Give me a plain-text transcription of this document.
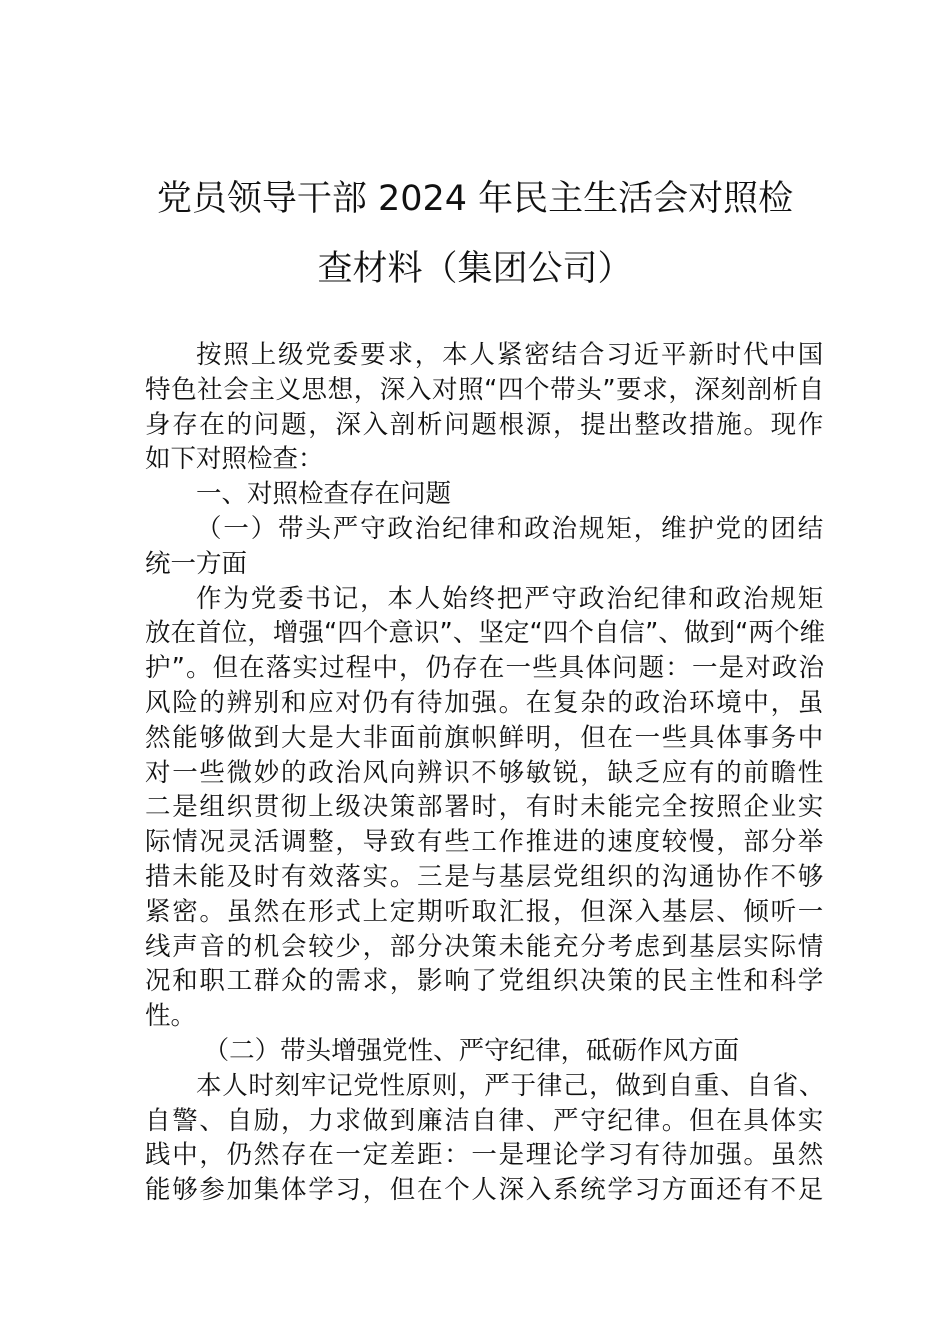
党员领导干部 2024 年民主生活会对照检
查材料（集团公司）
按照上级党委要求，本人紧密结合习近平新时代中国
特色社会主义思想，深入对照“四个带头”要求，深刻剖析自
身存在的问题，深入剖析问题根源，提出整改措施。现作
如下对照检查：
一、对照检查存在问题
（一）带头严守政治纪律和政治规矩，维护党的团结
统一方面
作为党委书记，本人始终把严守政治纪律和政治规矩
放在首位，增强“四个意识”、坚定“四个自信”、做到“两个维
护”。但在落实过程中，仍存在一些具体问题：一是对政治
风险的辨别和应对仍有待加强。在复杂的政治环境中，虽
然能够做到大是大非面前旗帜鲜明，但在一些具体事务中
对一些微妙的政治风向辨识不够敏锐，缺乏应有的前瞻性
二是组织贯彻上级决策部署时，有时未能完全按照企业实
际情况灵活调整，导致有些工作推进的速度较慢，部分举
措未能及时有效落实。三是与基层党组织的沟通协作不够
紧密。虽然在形式上定期听取汇报，但深入基层、倾听一
线声音的机会较少，部分决策未能充分考虑到基层实际情
况和职工群众的需求，影响了党组织决策的民主性和科学
性。
（二）带头增强党性、严守纪律，砥砺作风方面
本人时刻牢记党性原则，严于律己，做到自重、自省、
自警、自励，力求做到廉洁自律、严守纪律。但在具体实
践中，仍然存在一定差距：一是理论学习有待加强。虽然
能够参加集体学习，但在个人深入系统学习方面还有不足
